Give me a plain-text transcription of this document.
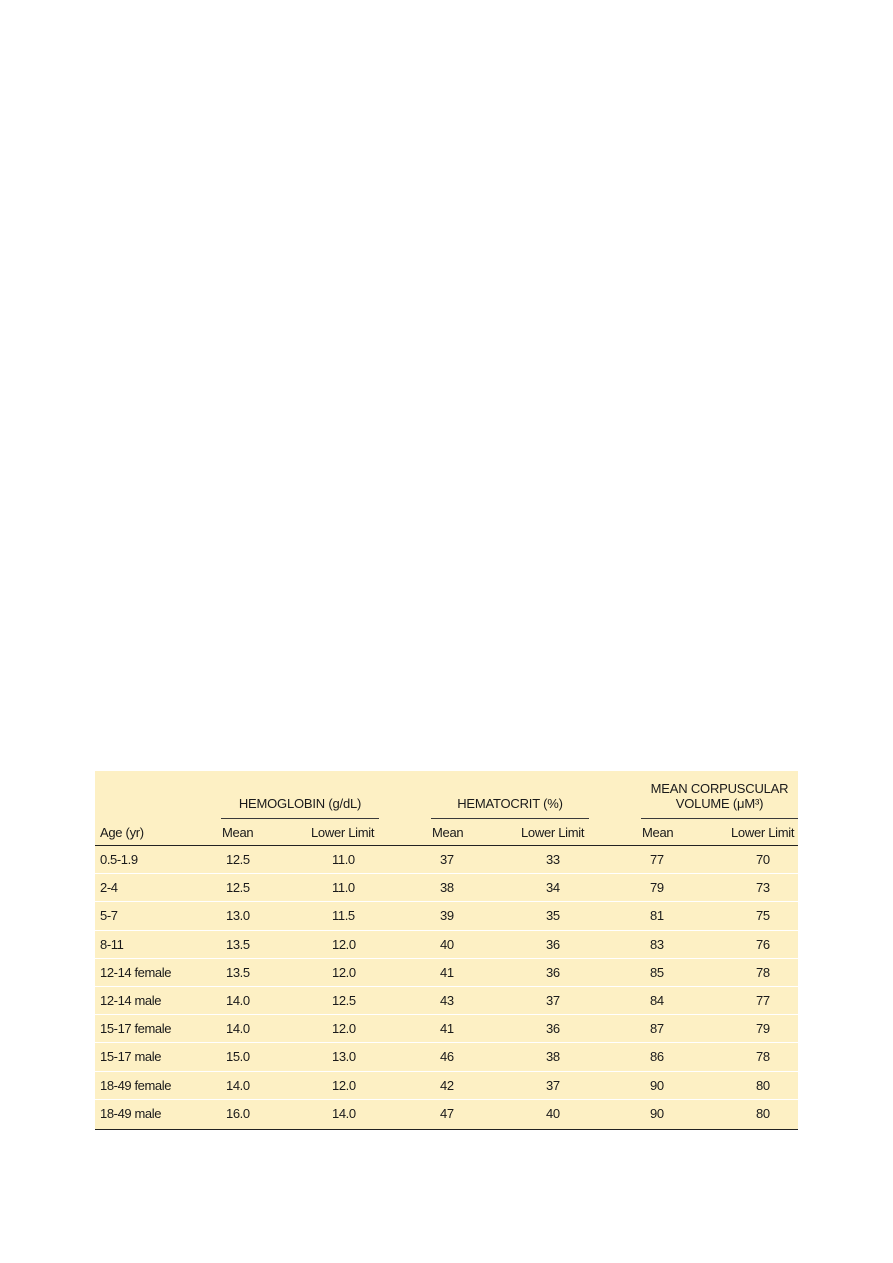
HEMOGLOBIN (g/dL)	HEMATOCRIT (%)
MEAN CORPUSCULAR
VOLUME (μM³)
Age (yr)	Mean	Lower Limit	Mean	Lower Limit	Mean	Lower Limit
0.5-1.9	12.5	11.0	37	33	77	70
2-4	12.5	11.0	38	34	79	73
5-7	13.0	11.5	39	35	81	75
8-11	13.5	12.0	40	36	83	76
12-14 female	13.5	12.0	41	36	85	78
12-14 male	14.0	12.5	43	37	84	77
15-17 female	14.0	12.0	41	36	87	79
15-17 male	15.0	13.0	46	38	86	78
18-49 female	14.0	12.0	42	37	90	80
18-49 male	16.0	14.0	47	40	90	80
